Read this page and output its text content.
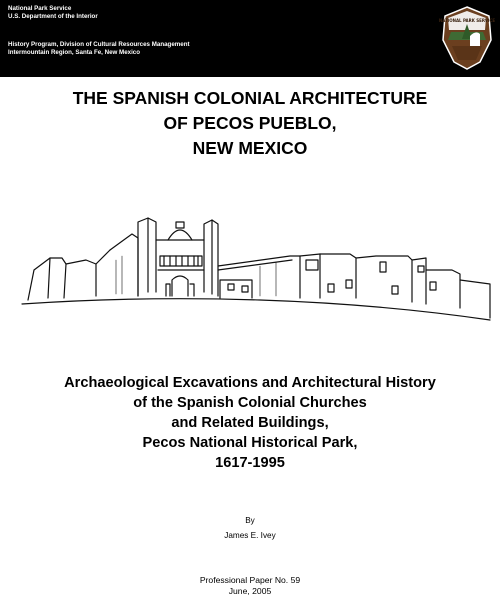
National Park Service
U.S. Department of the Interior
History Program, Division of Cultural Resources Management
Intermountain Region, Santa Fe, New Mexico
NATIONAL PARK SERVICE
THE SPANISH COLONIAL ARCHITECTURE
OF PECOS PUEBLO,
NEW MEXICO
Archaeological Excavations and Architectural History
of the Spanish Colonial Churches
and Related Buildings,
Pecos National Historical Park,
1617-1995
By
James E. Ivey
Professional Paper No. 59
June, 2005
